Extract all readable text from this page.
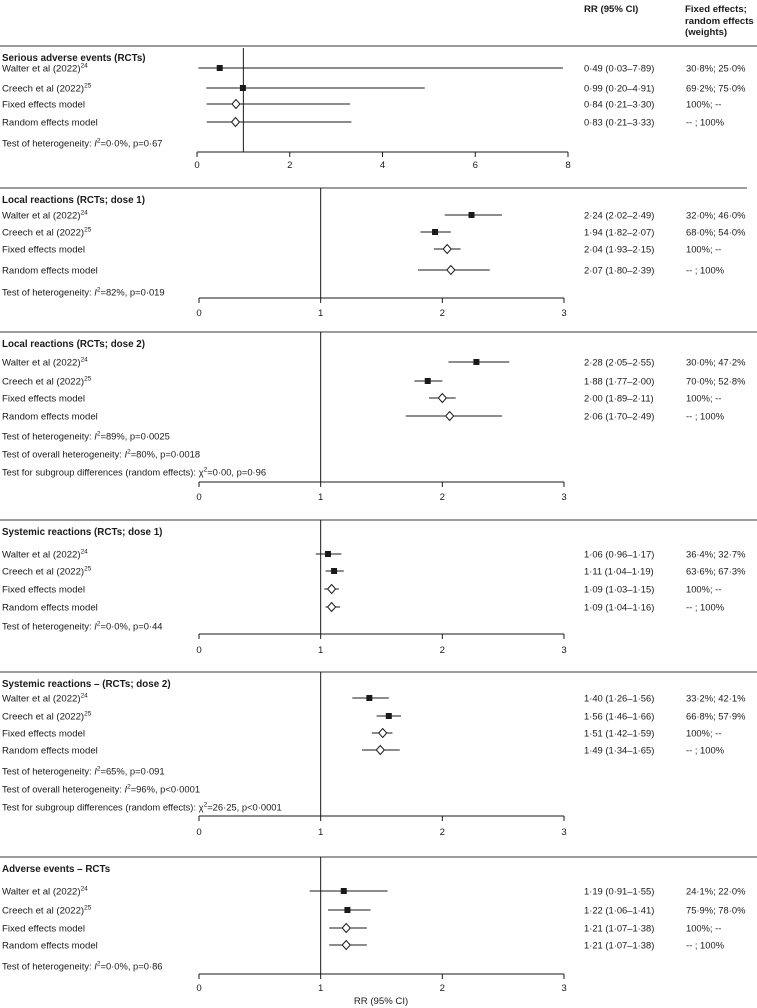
RR (95% CI)	Fixed effects;
random effects
(weights)
Serious adverse events (RCTs)
Walter et al $(2022)^{24}$	0·49 (0·03–7·89)	30·8%; 25·0%
Creech et al $(2022)^{25}$	0·99 (0·20–4·91)	69·2%; 75·0%
Fixed effects model	0·84 (0·21–3·30)	100%; --
Random effects model	0·83 (0·21–3·33)	-- ; 100%
Test of heterogeneity: $I^2=0\cdot 0\%$, p=0·67
0	2	4	6	8
Local reactions (RCTs; dose 1)
Walter et al $(2022)^{24}$	2·24 (2·02–2·49)	32·0%; 46·0%
Creech et al $(2022)^{25}$	1·94 (1·82–2·07)	68·0%; 54·0%
Fixed effects model	2·04 (1·93–2·15)	100%; --
Random effects model	2·07 (1·80–2·39)	-- ; 100%
Test of heterogeneity: $I^2=82\%$, p=0·019
0	1	2	3
Local reactions (RCTs; dose 2)
Walter et al $(2022)^{24}$	2·28 (2·05–2·55)	30·0%; 47·2%
Creech et al $(2022)^{25}$	1·88 (1·77–2·00)	70·0%; 52·8%
Fixed effects model	2·00 (1·89–2·11)	100%; --
Random effects model	2·06 (1·70–2·49)	-- ; 100%
Test of heterogeneity: $I^2=89\%$, p=0·0025
Test of overall heterogeneity: $I^2=80\%$, p=0·0018
Test for subgroup differences (random effects): $\chi^2=0\cdot 00$, p=0·96
0	1	2	3
Systemic reactions (RCTs; dose 1)
Walter et al $(2022)^{24}$	1·06 (0·96–1·17)	36·4%; 32·7%
Creech et al $(2022)^{25}$	1·11 (1·04–1·19)	63·6%; 67·3%
Fixed effects model	1·09 (1·03–1·15)	100%; --
Random effects model	1·09 (1·04–1·16)	-- ; 100%
Test of heterogeneity: $I^2=0\cdot 0\%$, p=0·44
0	1	2	3
Systemic reactions – (RCTs; dose 2)
Walter et al $(2022)^{24}$	1·40 (1·26–1·56)	33·2%; 42·1%
Creech et al $(2022)^{25}$	1·56 (1·46–1·66)	66·8%; 57·9%
Fixed effects model	1·51 (1·42–1·59)	100%; --
Random effects model	1·49 (1·34–1·65)	-- ; 100%
Test of heterogeneity: $I^2=65\%$, p=0·091
Test of overall heterogeneity: $I^2=96\%$, p<0·0001
Test for subgroup differences (random effects): $\chi^2=26\cdot 25$, p<0·0001
0	1	2	3
Adverse events – RCTs
Walter et al $(2022)^{24}$	1·19 (0·91–1·55)	24·1%; 22·0%
Creech et al $(2022)^{25}$	1·22 (1·06–1·41)	75·9%; 78·0%
Fixed effects model	1·21 (1·07–1·38)	100%; --
Random effects model	1·21 (1·07–1·38)	-- ; 100%
Test of heterogeneity: $I^2=0\cdot 0\%$, p=0·86
0	1	2	3
RR (95% CI)
